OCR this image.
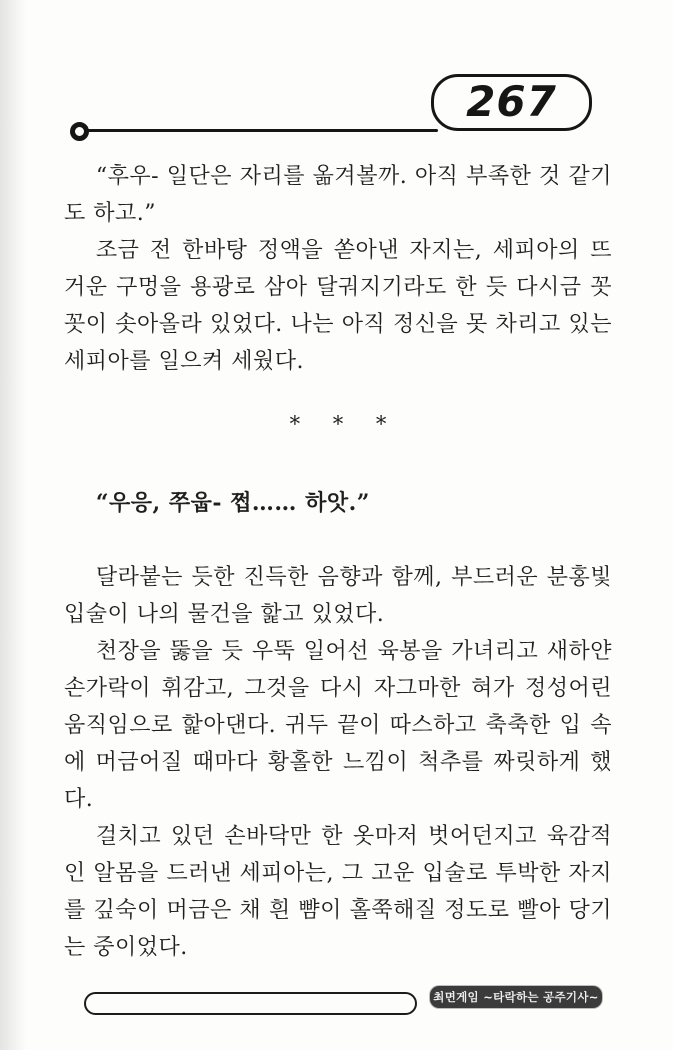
267

“후우- 일단은 자리를 옮겨볼까. 아직 부족한 것 같기도 하고.”

조금 전 한바탕 정액을 쏟아낸 자지는, 세피아의 뜨거운 구멍을 용광로 삼아 달궈지기라도 한 듯 다시금 꼿꼿이 솟아올라 있었다. 나는 아직 정신을 못 차리고 있는 세피아를 일으켜 세웠다.

* * *

“우응, 쭈웁- 쩝…… 하앗.”

달라붙는 듯한 진득한 음향과 함께, 부드러운 분홍빛 입술이 나의 물건을 핥고 있었다.

천장을 뚫을 듯 우뚝 일어선 육봉을 가녀리고 새하얀 손가락이 휘감고, 그것을 다시 자그마한 혀가 정성어린 움직임으로 핥아댄다. 귀두 끝이 따스하고 축축한 입 속에 머금어질 때마다 황홀한 느낌이 척추를 짜릿하게 했다.

걸치고 있던 손바닥만 한 옷마저 벗어던지고 육감적인 알몸을 드러낸 세피아는, 그 고운 입술로 투박한 자지를 깊숙이 머금은 채 흰 뺨이 홀쭉해질 정도로 빨아 당기는 중이었다.

최면게임 ~타락하는 공주기사~
